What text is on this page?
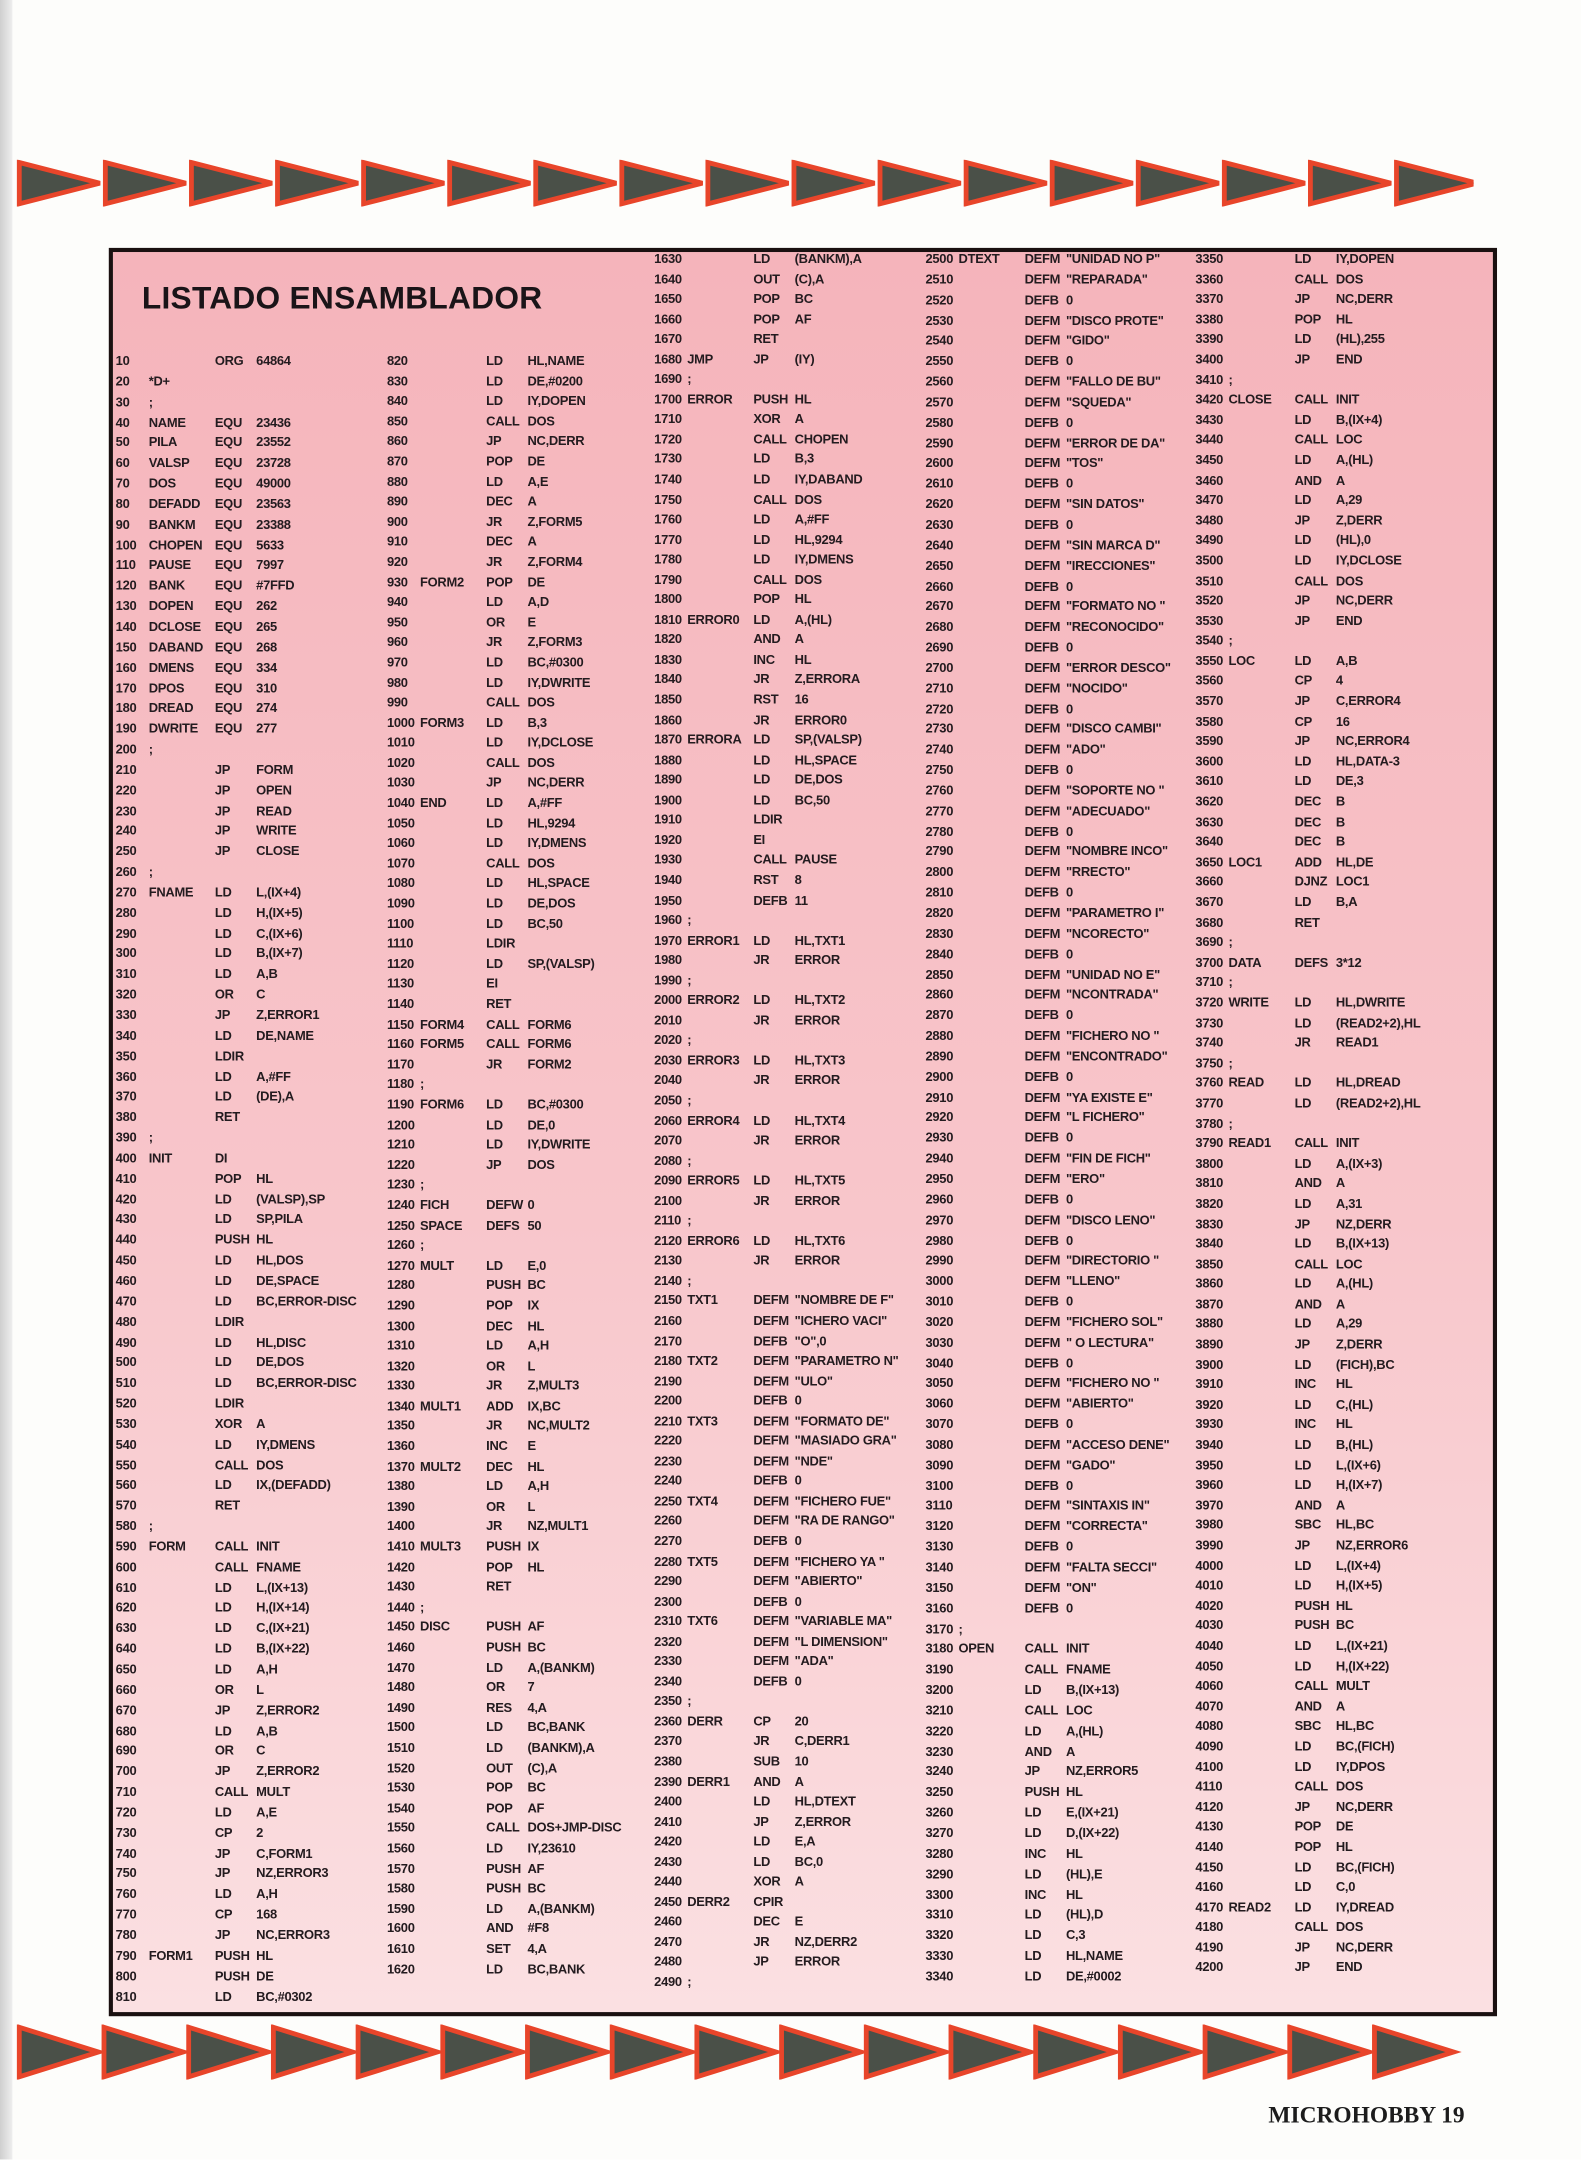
LISTADO ENSAMBLADOR
10	ORG	64864
20	*D+
30	;
40	NAME	EQU	23436
50	PILA	EQU	23552
60	VALSP	EQU	23728
70	DOS	EQU	49000
80	DEFADD	EQU	23563
90	BANKM	EQU	23388
100	CHOPEN	EQU	5633
110	PAUSE	EQU	7997
120	BANK	EQU	#7FFD
130	DOPEN	EQU	262
140	DCLOSE	EQU	265
150	DABAND	EQU	268
160	DMENS	EQU	334
170	DPOS	EQU	310
180	DREAD	EQU	274
190	DWRITE	EQU	277
200	;
210	JP	FORM
220	JP	OPEN
230	JP	READ
240	JP	WRITE
250	JP	CLOSE
260	;
270	FNAME	LD	L,(IX+4)
280	LD	H,(IX+5)
290	LD	C,(IX+6)
300	LD	B,(IX+7)
310	LD	A,B
320	OR	C
330	JP	Z,ERROR1
340	LD	DE,NAME
350	LDIR
360	LD	A,#FF
370	LD	(DE),A
380	RET
390	;
400	INIT	DI
410	POP	HL
420	LD	(VALSP),SP
430	LD	SP,PILA
440	PUSH HL
450	LD	HL,DOS
460	LD	DE,SPACE
470	LD	BC,ERROR-DISC
480	LDIR
490	LD	HL,DISC
500	LD	DE,DOS
510	LD	BC,ERROR-DISC
520	LDIR
530	XOR	A
540	LD	IY,DMENS
550	CALL DOS
560	LD	IX,(DEFADD)
570	RET
580	;
590	FORM	CALL INIT
600	CALL FNAME
610	LD	L,(IX+13)
620	LD	H,(IX+14)
630	LD	C,(IX+21)
640	LD	B,(IX+22)
650	LD	A,H
660	OR	L
670	JP	Z,ERROR2
680	LD	A,B
690	OR	C
700	JP	Z,ERROR2
710	CALL MULT
720	LD	A,E
730	CP	2
740	JP	C,FORM1
750	JP	NZ,ERROR3
760	LD	A,H
770	CP	168
780	JP	NC,ERROR3
790	FORM1	PUSH HL
800	PUSH DE
810	LD	BC,#0302
820	LD	HL,NAME
830	LD	DE,#0200
840	LD	IY,DOPEN
850	CALL DOS
860	JP	NC,DERR
870	POP	DE
880	LD	A,E
890	DEC	A
900	JR	Z,FORM5
910	DEC	A
920	JR	Z,FORM4
930	FORM2	POP	DE
940	LD	A,D
950	OR	E
960	JR	Z,FORM3
970	LD	BC,#0300
980	LD	IY,DWRITE
990	CALL DOS
1000 FORM3	LD	B,3
1010	LD	IY,DCLOSE
1020	CALL DOS
1030	JP	NC,DERR
1040 END	LD	A,#FF
1050	LD	HL,9294
1060	LD	IY,DMENS
1070	CALL DOS
1080	LD	HL,SPACE
1090	LD	DE,DOS
1100	LD	BC,50
1110	LDIR
1120	LD	SP,(VALSP)
1130	EI
1140	RET
1150 FORM4	CALL FORM6
1160 FORM5	CALL FORM6
1170	JR	FORM2
1180 ;
1190 FORM6	LD	BC,#0300
1200	LD	DE,0
1210	LD	IY,DWRITE
1220	JP	DOS
1230 ;
1240 FICH	DEFW 0
1250 SPACE	DEFS 50
1260 ;
1270 MULT	LD	E,0
1280	PUSH BC
1290	POP	IX
1300	DEC	HL
1310	LD	A,H
1320	OR	L
1330	JR	Z,MULT3
1340 MULT1	ADD	IX,BC
1350	JR	NC,MULT2
1360	INC	E
1370 MULT2	DEC	HL
1380	LD	A,H
1390	OR	L
1400	JR	NZ,MULT1
1410 MULT3	PUSH IX
1420	POP	HL
1430	RET
1440 ;
1450 DISC	PUSH AF
1460	PUSH BC
1470	LD	A,(BANKM)
1480	OR	7
1490	RES	4,A
1500	LD	BC,BANK
1510	LD	(BANKM),A
1520	OUT	(C),A
1530	POP	BC
1540	POP	AF
1550	CALL DOS+JMP-DISC
1560	LD	IY,23610
1570	PUSH AF
1580	PUSH BC
1590	LD	A,(BANKM)
1600	AND	#F8
1610	SET	4,A
1620	LD	BC,BANK
1630	LD	(BANKM),A
1640	OUT	(C),A
1650	POP	BC
1660	POP	AF
1670	RET
1680 JMP	JP	(IY)
1690 ;
1700 ERROR	PUSH HL
1710	XOR	A
1720	CALL CHOPEN
1730	LD	B,3
1740	LD	IY,DABAND
1750	CALL DOS
1760	LD	A,#FF
1770	LD	HL,9294
1780	LD	IY,DMENS
1790	CALL DOS
1800	POP	HL
1810 ERROR0	LD	A,(HL)
1820	AND	A
1830	INC	HL
1840	JR	Z,ERRORA
1850	RST	16
1860	JR	ERROR0
1870 ERRORA	LD	SP,(VALSP)
1880	LD	HL,SPACE
1890	LD	DE,DOS
1900	LD	BC,50
1910	LDIR
1920	EI
1930	CALL PAUSE
1940	RST	8
1950	DEFB 11
1960 ;
1970 ERROR1	LD	HL,TXT1
1980	JR	ERROR
1990 ;
2000 ERROR2	LD	HL,TXT2
2010	JR	ERROR
2020 ;
2030 ERROR3	LD	HL,TXT3
2040	JR	ERROR
2050 ;
2060 ERROR4	LD	HL,TXT4
2070	JR	ERROR
2080 ;
2090 ERROR5	LD	HL,TXT5
2100	JR	ERROR
2110 ;
2120 ERROR6	LD	HL,TXT6
2130	JR	ERROR
2140 ;
2150 TXT1	DEFM "NOMBRE DE F"
2160	DEFM "ICHERO VACI"
2170	DEFB "O",0
2180 TXT2	DEFM "PARAMETRO N"
2190	DEFM "ULO"
2200	DEFB 0
2210 TXT3	DEFM "FORMATO DE"
2220	DEFM "MASIADO GRA"
2230	DEFM "NDE"
2240	DEFB 0
2250 TXT4	DEFM "FICHERO FUE"
2260	DEFM "RA DE RANGO"
2270	DEFB 0
2280 TXT5	DEFM "FICHERO YA "
2290	DEFM "ABIERTO"
2300	DEFB 0
2310 TXT6	DEFM "VARIABLE MA"
2320	DEFM "L DIMENSION"
2330	DEFM "ADA"
2340	DEFB 0
2350 ;
2360 DERR	CP	20
2370	JR	C,DERR1
2380	SUB	10
2390 DERR1	AND	A
2400	LD	HL,DTEXT
2410	JP	Z,ERROR
2420	LD	E,A
2430	LD	BC,0
2440	XOR	A
2450 DERR2	CPIR
2460	DEC	E
2470	JR	NZ,DERR2
2480	JP	ERROR
2490 ;
2500 DTEXT	DEFM "UNIDAD NO P"
2510	DEFM "REPARADA"
2520	DEFB 0
2530	DEFM "DISCO PROTE"
2540	DEFM "GIDO"
2550	DEFB 0
2560	DEFM "FALLO DE BU"
2570	DEFM "SQUEDA"
2580	DEFB 0
2590	DEFM "ERROR DE DA"
2600	DEFM "TOS"
2610	DEFB 0
2620	DEFM "SIN DATOS"
2630	DEFB 0
2640	DEFM "SIN MARCA D"
2650	DEFM "IRECCIONES"
2660	DEFB 0
2670	DEFM "FORMATO NO "
2680	DEFM "RECONOCIDO"
2690	DEFB 0
2700	DEFM "ERROR DESCO"
2710	DEFM "NOCIDO"
2720	DEFB 0
2730	DEFM "DISCO CAMBI"
2740	DEFM "ADO"
2750	DEFB 0
2760	DEFM "SOPORTE NO "
2770	DEFM "ADECUADO"
2780	DEFB 0
2790	DEFM "NOMBRE INCO"
2800	DEFM "RRECTO"
2810	DEFB 0
2820	DEFM "PARAMETRO I"
2830	DEFM "NCORECTO"
2840	DEFB 0
2850	DEFM "UNIDAD NO E"
2860	DEFM "NCONTRADA"
2870	DEFB 0
2880	DEFM "FICHERO NO "
2890	DEFM "ENCONTRADO"
2900	DEFB 0
2910	DEFM "YA EXISTE E"
2920	DEFM "L FICHERO"
2930	DEFB 0
2940	DEFM "FIN DE FICH"
2950	DEFM "ERO"
2960	DEFB 0
2970	DEFM "DISCO LENO"
2980	DEFB 0
2990	DEFM "DIRECTORIO "
3000	DEFM "LLENO"
3010	DEFB 0
3020	DEFM "FICHERO SOL"
3030	DEFM " O LECTURA"
3040	DEFB 0
3050	DEFM "FICHERO NO "
3060	DEFM "ABIERTO"
3070	DEFB 0
3080	DEFM "ACCESO DENE"
3090	DEFM "GADO"
3100	DEFB 0
3110	DEFM "SINTAXIS IN"
3120	DEFM "CORRECTA"
3130	DEFB 0
3140	DEFM "FALTA SECCI"
3150	DEFM "ON"
3160	DEFB 0
3170 ;
3180 OPEN	CALL INIT
3190	CALL FNAME
3200	LD	B,(IX+13)
3210	CALL LOC
3220	LD	A,(HL)
3230	AND	A
3240	JP	NZ,ERROR5
3250	PUSH HL
3260	LD	E,(IX+21)
3270	LD	D,(IX+22)
3280	INC	HL
3290	LD	(HL),E
3300	INC	HL
3310	LD	(HL),D
3320	LD	C,3
3330	LD	HL,NAME
3340	LD	DE,#0002
3350	LD	IY,DOPEN
3360	CALL DOS
3370	JP	NC,DERR
3380	POP	HL
3390	LD	(HL),255
3400	JP	END
3410 ;
3420 CLOSE	CALL INIT
3430	LD	B,(IX+4)
3440	CALL LOC
3450	LD	A,(HL)
3460	AND	A
3470	LD	A,29
3480	JP	Z,DERR
3490	LD	(HL),0
3500	LD	IY,DCLOSE
3510	CALL DOS
3520	JP	NC,DERR
3530	JP	END
3540 ;
3550 LOC	LD	A,B
3560	CP	4
3570	JP	C,ERROR4
3580	CP	16
3590	JP	NC,ERROR4
3600	LD	HL,DATA-3
3610	LD	DE,3
3620	DEC	B
3630	DEC	B
3640	DEC	B
3650 LOC1	ADD	HL,DE
3660	DJNZ LOC1
3670	LD	B,A
3680	RET
3690 ;
3700 DATA	DEFS 3*12
3710 ;
3720 WRITE	LD	HL,DWRITE
3730	LD	(READ2+2),HL
3740	JR	READ1
3750 ;
3760 READ	LD	HL,DREAD
3770	LD	(READ2+2),HL
3780 ;
3790 READ1	CALL INIT
3800	LD	A,(IX+3)
3810	AND	A
3820	LD	A,31
3830	JP	NZ,DERR
3840	LD	B,(IX+13)
3850	CALL LOC
3860	LD	A,(HL)
3870	AND	A
3880	LD	A,29
3890	JP	Z,DERR
3900	LD	(FICH),BC
3910	INC	HL
3920	LD	C,(HL)
3930	INC	HL
3940	LD	B,(HL)
3950	LD	L,(IX+6)
3960	LD	H,(IX+7)
3970	AND	A
3980	SBC	HL,BC
3990	JP	NZ,ERROR6
4000	LD	L,(IX+4)
4010	LD	H,(IX+5)
4020	PUSH HL
4030	PUSH BC
4040	LD	L,(IX+21)
4050	LD	H,(IX+22)
4060	CALL MULT
4070	AND	A
4080	SBC	HL,BC
4090	LD	BC,(FICH)
4100	LD	IY,DPOS
4110	CALL DOS
4120	JP	NC,DERR
4130	POP	DE
4140	POP	HL
4150	LD	BC,(FICH)
4160	LD	C,0
4170 READ2	LD	IY,DREAD
4180	CALL DOS
4190	JP	NC,DERR
4200	JP	END
MICROHOBBY 19
